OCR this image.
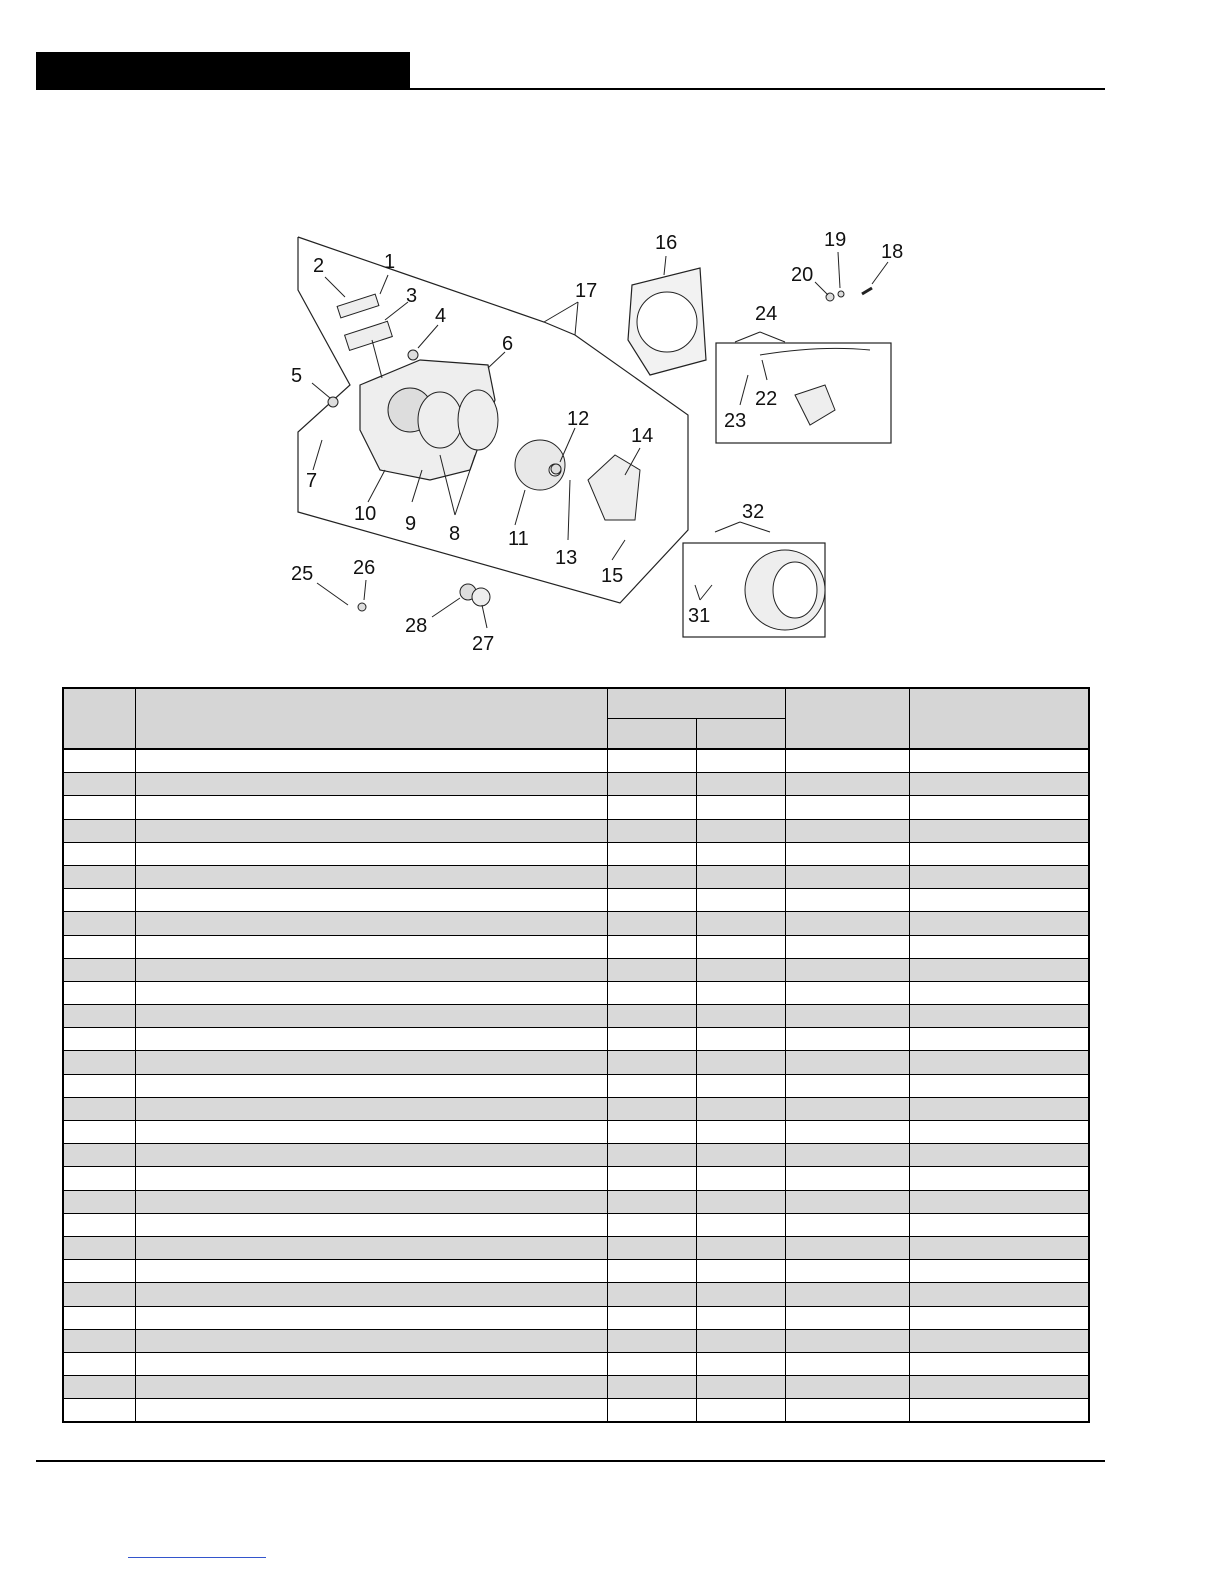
1
2
3
4
5
6
7
8
9
10
11
12
13
14
15
16
17
18
19
20
22
23
24
25 26
27
28	31
32
